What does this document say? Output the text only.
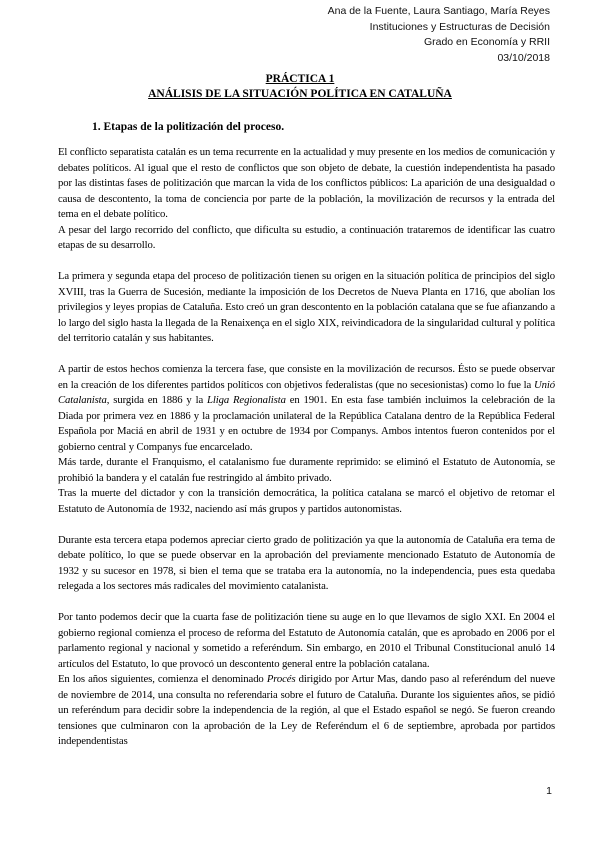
Ana de la Fuente, Laura Santiago, María Reyes
Instituciones y Estructuras de Decisión
Grado en Economía y RRII
03/10/2018
PRÁCTICA 1
ANÁLISIS DE LA SITUACIÓN POLÍTICA EN CATALUÑA
1. Etapas de la politización del proceso.

El conflicto separatista catalán es un tema recurrente en la actualidad y muy presente en los medios de comunicación y debates políticos. Al igual que el resto de conflictos que son objeto de debate, la cuestión independentista ha pasado por las distintas fases de politización que marcan la vida de los conflictos públicos: La aparición de una desigualdad o causa de descontento, la toma de conciencia por parte de la población, la movilización de recursos y la entrada del tema en el debate político.

A pesar del largo recorrido del conflicto, que dificulta su estudio, a continuación trataremos de identificar las cuatro etapas de su desarrollo.

La primera y segunda etapa del proceso de politización tienen su origen en la situación política de principios del siglo XVIII, tras la Guerra de Sucesión, mediante la imposición de los Decretos de Nueva Planta en 1716, que abolían los privilegios y leyes propias de Cataluña. Esto creó un gran descontento en la población catalana que se fue afianzando a lo largo del siglo hasta la llegada de la Renaixença en el siglo XIX, reivindicadora de la singularidad cultural y política del territorio catalán y sus habitantes.

A partir de estos hechos comienza la tercera fase, que consiste en la movilización de recursos. Ésto se puede observar en la creación de los diferentes partidos políticos con objetivos federalistas (que no secesionistas) como lo fue la Unió Catalanista, surgida en 1886 y la Lliga Regionalista en 1901. En esta fase también incluimos la celebración de la Diada por primera vez en 1886 y la proclamación unilateral de la República Catalana dentro de la República Federal Española por Maciá en abril de 1931 y en octubre de 1934 por Companys. Ambos intentos fueron contenidos por el gobierno central y Companys fue encarcelado.

Más tarde, durante el Franquismo, el catalanismo fue duramente reprimido: se eliminó el Estatuto de Autonomía, se prohibió la bandera y el catalán fue restringido al ámbito privado.

Tras la muerte del dictador y con la transición democrática, la política catalana se marcó el objetivo de retomar el Estatuto de Autonomía de 1932, naciendo así más grupos y partidos autonomistas.

Durante esta tercera etapa podemos apreciar cierto grado de politización ya que la autonomía de Cataluña era tema de debate político, lo que se puede observar en la aprobación del previamente mencionado Estatuto de Autonomía de 1932 y su sucesor en 1978, si bien el tema que se trataba era la autonomía, no la independencia, pues esta quedaba relegada a los sectores más radicales del movimiento catalanista.

Por tanto podemos decir que la cuarta fase de politización tiene su auge en lo que llevamos de siglo XXI. En 2004 el gobierno regional comienza el proceso de reforma del Estatuto de Autonomía catalán, que es aprobado en 2006 por el parlamento regional y nacional y sometido a referéndum. Sin embargo, en 2010 el Tribunal Constitucional anuló 14 artículos del Estatuto, lo que provocó un descontento general entre la población catalana.

En los años siguientes, comienza el denominado Procés dirigido por Artur Mas, dando paso al referéndum del nueve de noviembre de 2014, una consulta no referendaria sobre el futuro de Cataluña. Durante los siguientes años, se pidió un referéndum para decidir sobre la independencia de la región, al que el Estado español se negó. Se fueron creando tensiones que culminaron con la aprobación de la Ley de Referéndum el 6 de septiembre, aprobada por partidos independentistas

1
